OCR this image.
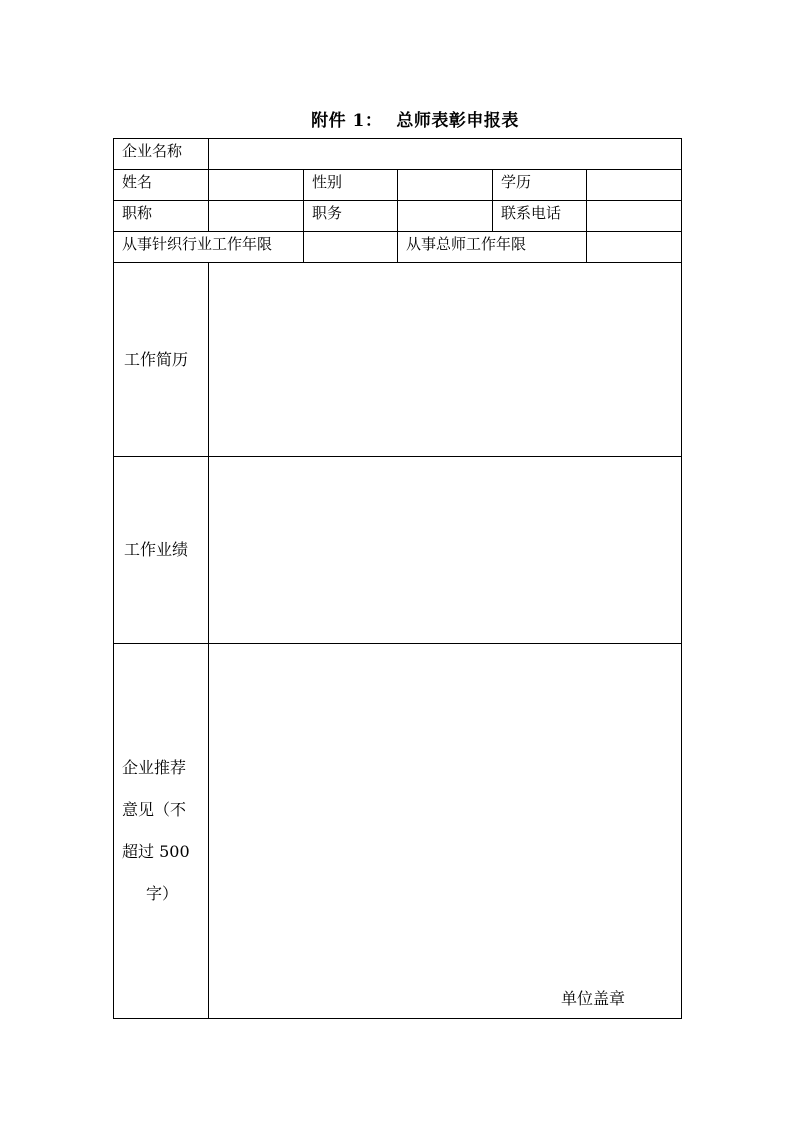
附件 1： 总师表彰申报表
企业名称					
姓名		性别		学历	
职称		职务		联系电话	
从事针织行业工作年限			从事总师工作年限		
工作简历					
工作业绩					

企业推荐
意见（不
超过 500
字）	单位盖章				
